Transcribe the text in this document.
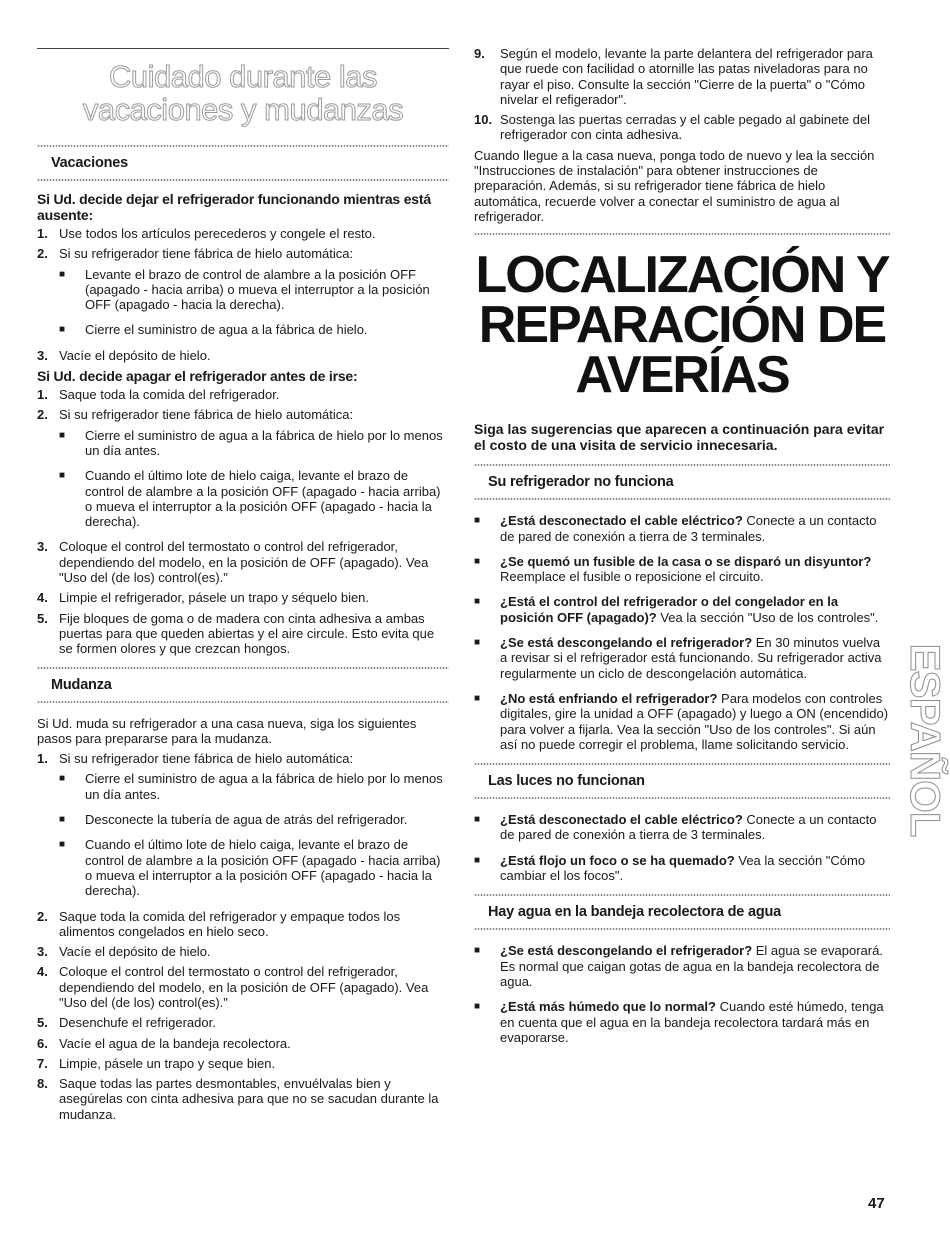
Cuidado durante las vacaciones y mudanzas
Vacaciones
Si Ud. decide dejar el refrigerador funcionando mientras está ausente:
1. Use todos los artículos perecederos y congele el resto.
2. Si su refrigerador tiene fábrica de hielo automática:
■	Levante el brazo de control de alambre a la posición OFF (apagado - hacia arriba) o mueva el interruptor a la posición OFF (apagado - hacia la derecha).
■	Cierre el suministro de agua a la fábrica de hielo.
3. Vacíe el depósito de hielo.
Si Ud. decide apagar el refrigerador antes de irse:
1. Saque toda la comida del refrigerador.
2. Si su refrigerador tiene fábrica de hielo automática:
■	Cierre el suministro de agua a la fábrica de hielo por lo menos un día antes.
■	Cuando el último lote de hielo caiga, levante el brazo de control de alambre a la posición OFF (apagado - hacia arriba) o mueva el interruptor a la posición OFF (apagado - hacia la derecha).
3. Coloque el control del termostato o control del refrigerador, dependiendo del modelo, en la posición de OFF (apagado). Vea "Uso del (de los) control(es)."
4. Limpie el refrigerador, pásele un trapo y séquelo bien.
5. Fije bloques de goma o de madera con cinta adhesiva a ambas puertas para que queden abiertas y el aire circule. Esto evita que se formen olores y que crezcan hongos.
Mudanza
Si Ud. muda su refrigerador a una casa nueva, siga los siguientes pasos para prepararse para la mudanza.
1. Si su refrigerador tiene fábrica de hielo automática:
■	Cierre el suministro de agua a la fábrica de hielo por lo menos un día antes.
■	Desconecte la tubería de agua de atrás del refrigerador.
■	Cuando el último lote de hielo caiga, levante el brazo de control de alambre a la posición OFF (apagado - hacia arriba) o mueva el interruptor a la posición OFF (apagado - hacia la derecha).
2. Saque toda la comida del refrigerador y empaque todos los alimentos congelados en hielo seco.
3. Vacíe el depósito de hielo.
4. Coloque el control del termostato o control del refrigerador, dependiendo del modelo, en la posición de OFF (apagado). Vea "Uso del (de los) control(es)."
5. Desenchufe el refrigerador.
6. Vacíe el agua de la bandeja recolectora.
7. Limpie, pásele un trapo y seque bien.
8. Saque todas las partes desmontables, envuélvalas bien y asegúrelas con cinta adhesiva para que no se sacudan durante la mudanza.
9.	Según el modelo, levante la parte delantera del refrigerador para que ruede con facilidad o atornille las patas niveladoras para no rayar el piso. Consulte la sección "Cierre de la puerta" o "Cómo nivelar el refigerador".
10. Sostenga las puertas cerradas y el cable pegado al gabinete del refrigerador con cinta adhesiva.
Cuando llegue a la casa nueva, ponga todo de nuevo y lea la sección "Instrucciones de instalación" para obtener instrucciones de preparación. Además, si su refrigerador tiene fábrica de hielo automática, recuerde volver a conectar el suministro de agua al refrigerador.
LOCALIZACIÓN Y
REPARACIÓN DE
AVERÍAS
Siga las sugerencias que aparecen a continuación para evitar el costo de una visita de servicio innecesaria.
Su refrigerador no funciona
■	¿Está desconectado el cable eléctrico? Conecte a un contacto de pared de conexión a tierra de 3 terminales.
■	¿Se quemó un fusible de la casa o se disparó un disyuntor? Reemplace el fusible o reposicione el circuito.
■	¿Está el control del refrigerador o del congelador en la posición OFF (apagado)? Vea la sección "Uso de los controles".
■	¿Se está descongelando el refrigerador? En 30 minutos vuelva a revisar si el refrigerador está funcionando. Su refrigerador activa regularmente un ciclo de descongelación automática.
■	¿No está enfriando el refrigerador? Para modelos con controles digitales, gire la unidad a OFF (apagado) y luego a ON (encendido) para volver a fijarla. Vea la sección "Uso de los controles". Si aún así no puede corregir el problema, llame solicitando servicio.
Las luces no funcionan
■	¿Está desconectado el cable eléctrico? Conecte a un contacto de pared de conexión a tierra de 3 terminales.
■	¿Está flojo un foco o se ha quemado? Vea la sección "Cómo cambiar el los focos".
Hay agua en la bandeja recolectora de agua
■	¿Se está descongelando el refrigerador? El agua se evaporará. Es normal que caigan gotas de agua en la bandeja recolectora de agua.
■	¿Está más húmedo que lo normal? Cuando esté húmedo, tenga en cuenta que el agua en la bandeja recolectora tardará más en evaporarse.
ESPAÑOL
47
